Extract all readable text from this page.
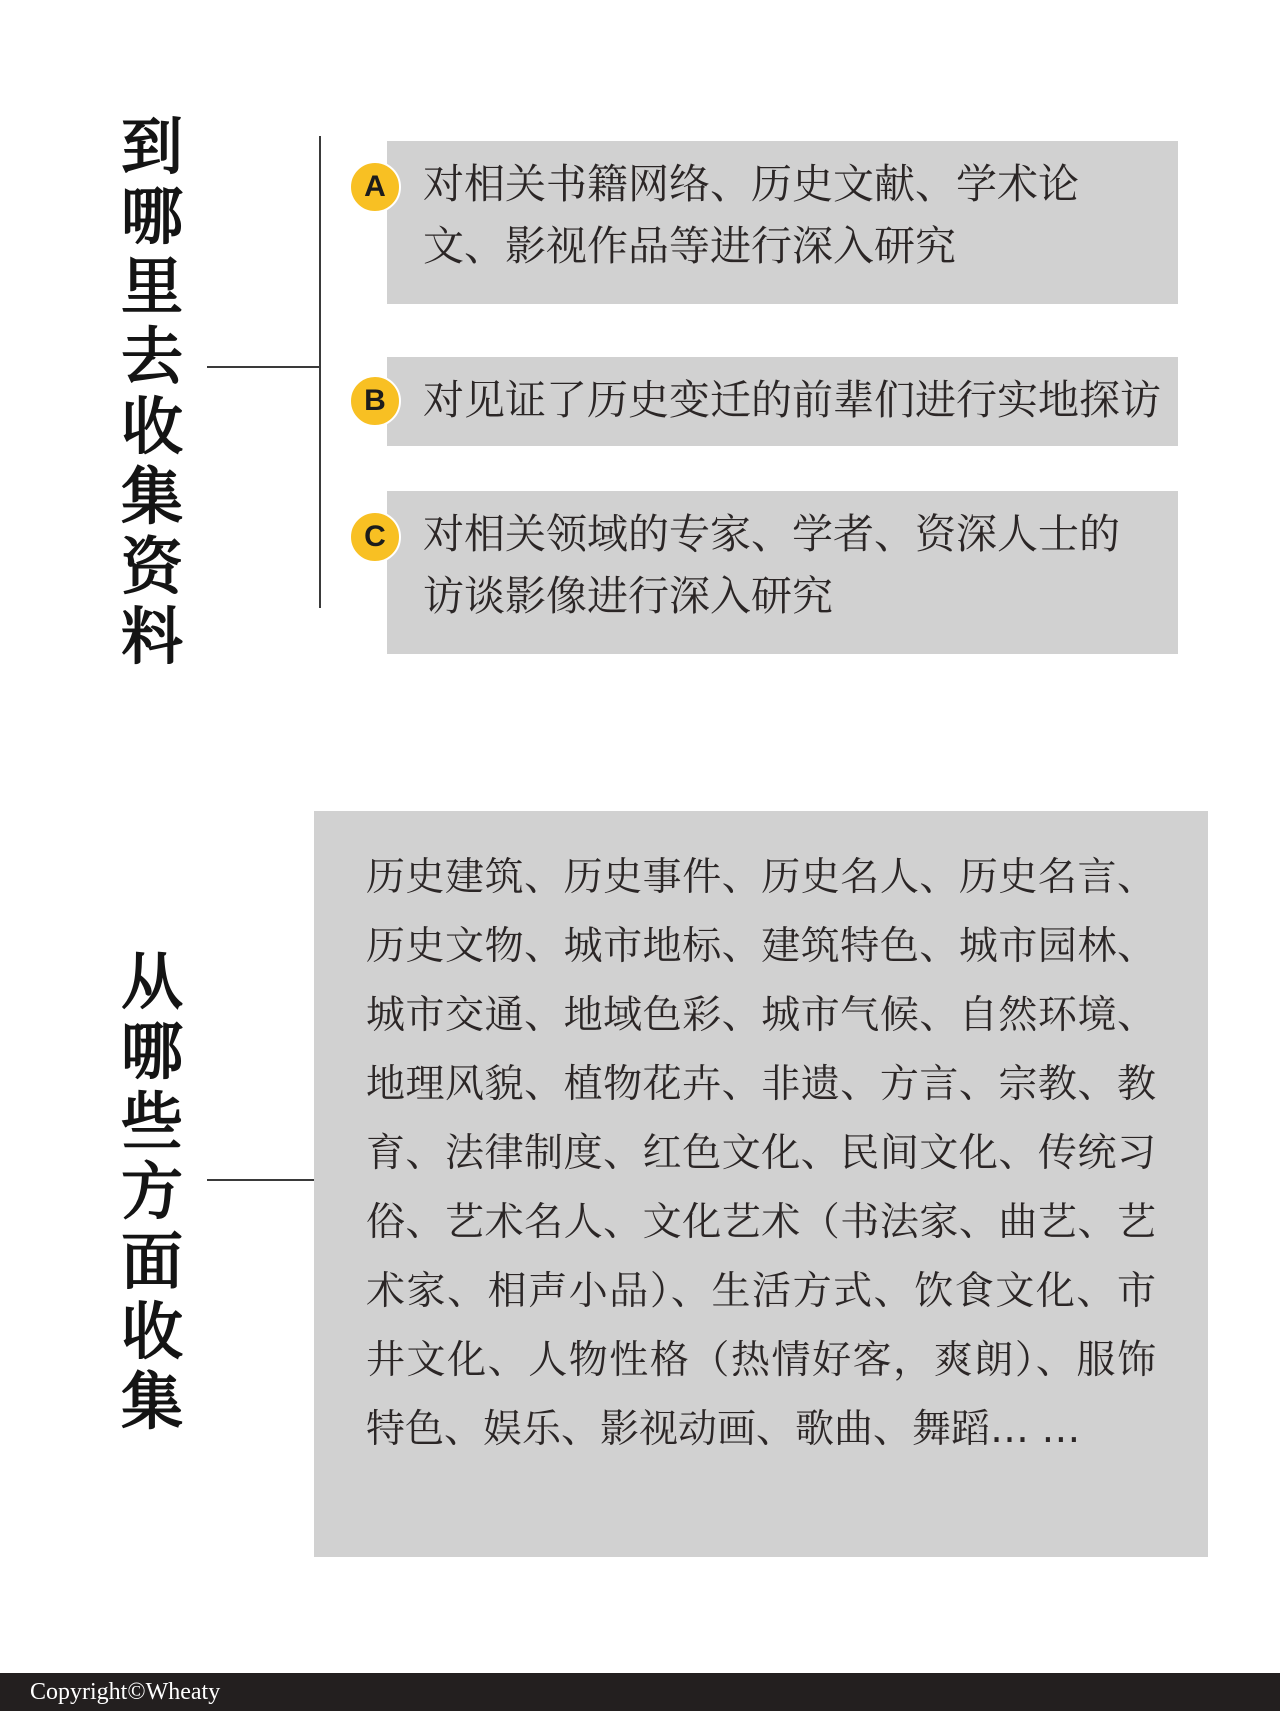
到哪里去收集资料
A 对相关书籍网络、历史文献、学术论文、影视作品等进行深入研究
B 对见证了历史变迁的前辈们进行实地探访
C 对相关领域的专家、学者、资深人士的访谈影像进行深入研究
从哪些方面收集
历史建筑、历史事件、历史名人、历史名言、历史文物、城市地标、建筑特色、城市园林、城市交通、地域色彩、城市气候、自然环境、地理风貌、植物花卉、非遗、方言、宗教、教育、法律制度、红色文化、民间文化、传统习俗、艺术名人、文化艺术（书法家、曲艺、艺术家、相声小品）、生活方式、饮食文化、市井文化、人物性格（热情好客，爽朗）、服饰特色、娱乐、影视动画、歌曲、舞蹈… …
Copyright©Wheaty
